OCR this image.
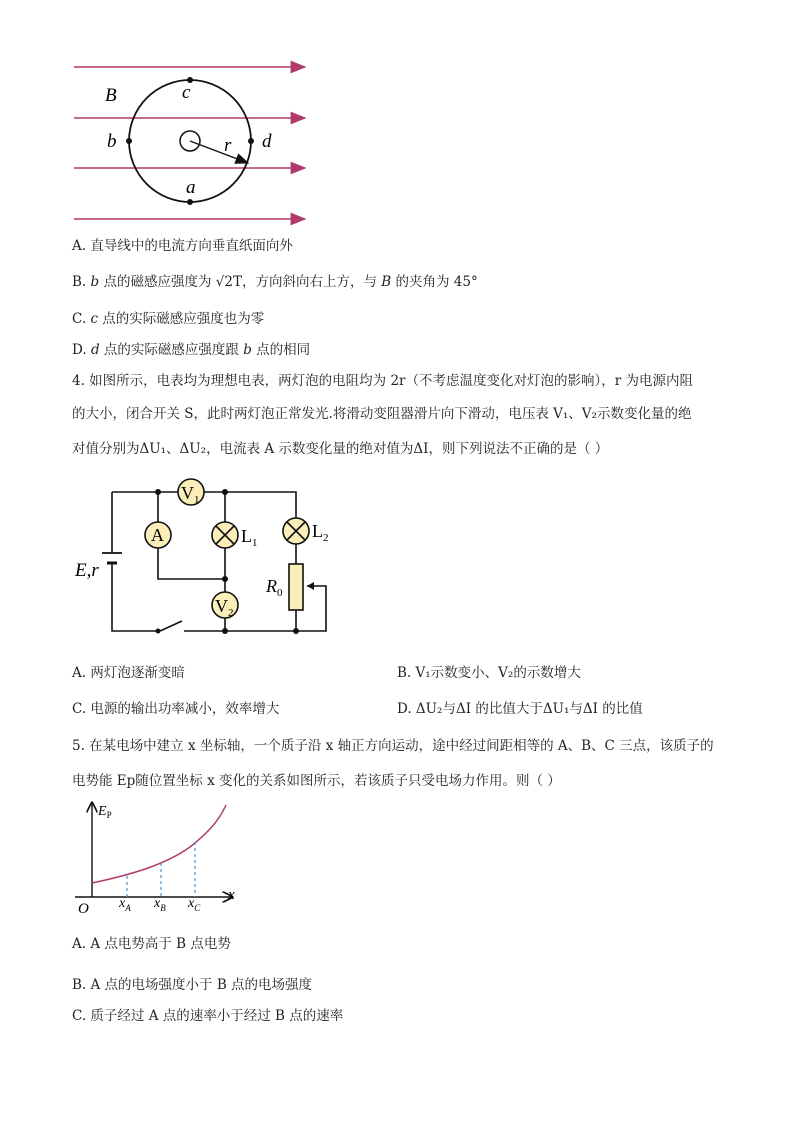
B	c
b	d
a
r
A. 直导线中的电流方向垂直纸面向外
B. b 点的磁感应强度为 √2T，方向斜向右上方，与 B 的夹角为 45°
C. c 点的实际磁感应强度也为零
D. d 点的实际磁感应强度跟 b 点的相同
4. 如图所示，电表均为理想电表，两灯泡的电阻均为 2r（不考虑温度变化对灯泡的影响），r 为电源内阻
的大小，闭合开关 S，此时两灯泡正常发光.将滑动变阻器滑片向下滑动，电压表 V₁、V₂示数变化量的绝
对值分别为ΔU₁、ΔU₂，电流表 A 示数变化量的绝对值为ΔI，则下列说法不正确的是（ ）
$V_1$
A	$L_1$
$L_2$
$R_0$
$V_2$
E,r
A. 两灯泡逐渐变暗	B. V₁示数变小、V₂的示数增大
C. 电源的输出功率减小，效率增大	D. ΔU₂与ΔI 的比值大于ΔU₁与ΔI 的比值
5. 在某电场中建立 x 坐标轴，一个质子沿 x 轴正方向运动，途中经过间距相等的 A、B、C 三点，该质子的
电势能 Ep随位置坐标 x 变化的关系如图所示，若该质子只受电场力作用。则（ ）
$E_P$
O
x
$x_A$ $x_B$ $x_C$
A. A 点电势高于 B 点电势
B. A 点的电场强度小于 B 点的电场强度
C. 质子经过 A 点的速率小于经过 B 点的速率
